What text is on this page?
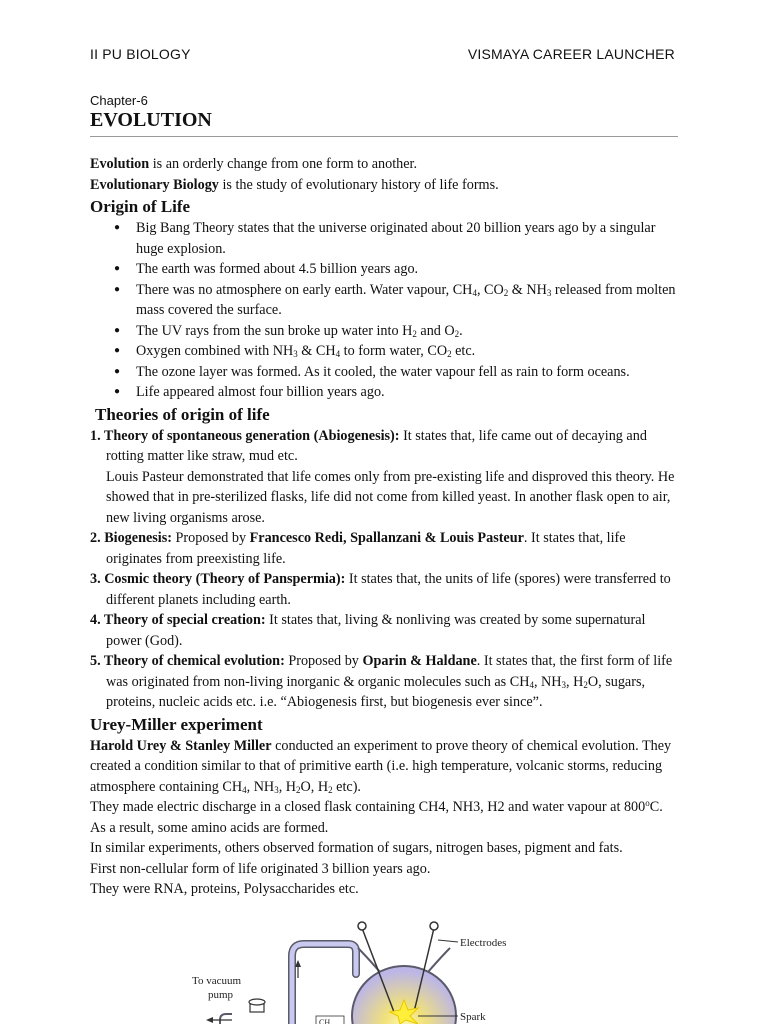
II PU BIOLOGY	VISMAYA CAREER LAUNCHER
Chapter-6
EVOLUTION

Evolution is an orderly change from one form to another.

Evolutionary Biology is the study of evolutionary history of life forms.

Origin of Life

● Big Bang Theory states that the universe originated about 20 billion years ago by a singular huge explosion.
● The earth was formed about 4.5 billion years ago.
● There was no atmosphere on early earth. Water vapour, $CH_4$, $CO_2$ & $NH_3$ released from molten mass covered the surface.
● The UV rays from the sun broke up water into $H_2$ and $O_2$.
● Oxygen combined with $NH_3$ & $CH_4$ to form water, $CO_2$ etc.
● The ozone layer was formed. As it cooled, the water vapour fell as rain to form oceans.
● Life appeared almost four billion years ago.

Theories of origin of life

1. Theory of spontaneous generation (Abiogenesis): It states that, life came out of decaying and rotting matter like straw, mud etc.

Louis Pasteur demonstrated that life comes only from pre-existing life and disproved this theory. He showed that in pre-sterilized flasks, life did not come from killed yeast. In another flask open to air, new living organisms arose.

2. Biogenesis: Proposed by Francesco Redi, Spallanzani & Louis Pasteur. It states that, life originates from preexisting life.

3. Cosmic theory (Theory of Panspermia): It states that, the units of life (spores) were transferred to different planets including earth.

4. Theory of special creation: It states that, living & nonliving was created by some supernatural power (God).

5. Theory of chemical evolution: Proposed by Oparin & Haldane. It states that, the first form of life was originated from non-living inorganic & organic molecules such as $CH_4$, $NH_3$, $H_2O$, sugars, proteins, nucleic acids etc. i.e. “Abiogenesis first, but biogenesis ever since”.

Urey-Miller experiment

Harold Urey & Stanley Miller conducted an experiment to prove theory of chemical evolution. They created a condition similar to that of primitive earth (i.e. high temperature, volcanic storms, reducing atmosphere containing $CH_4$, $NH_3$, $H_2O$, $H_2$ etc).

They made electric discharge in a closed flask containing CH4, NH3, H2 and water vapour at 800$^o$C. As a result, some amino acids are formed.

In similar experiments, others observed formation of sugars, nitrogen bases, pigment and fats.

First non-cellular form of life originated 3 billion years ago.

They were RNA, proteins, Polysaccharides etc.

Electrodes
Spark
To vacuum
pump
CH
